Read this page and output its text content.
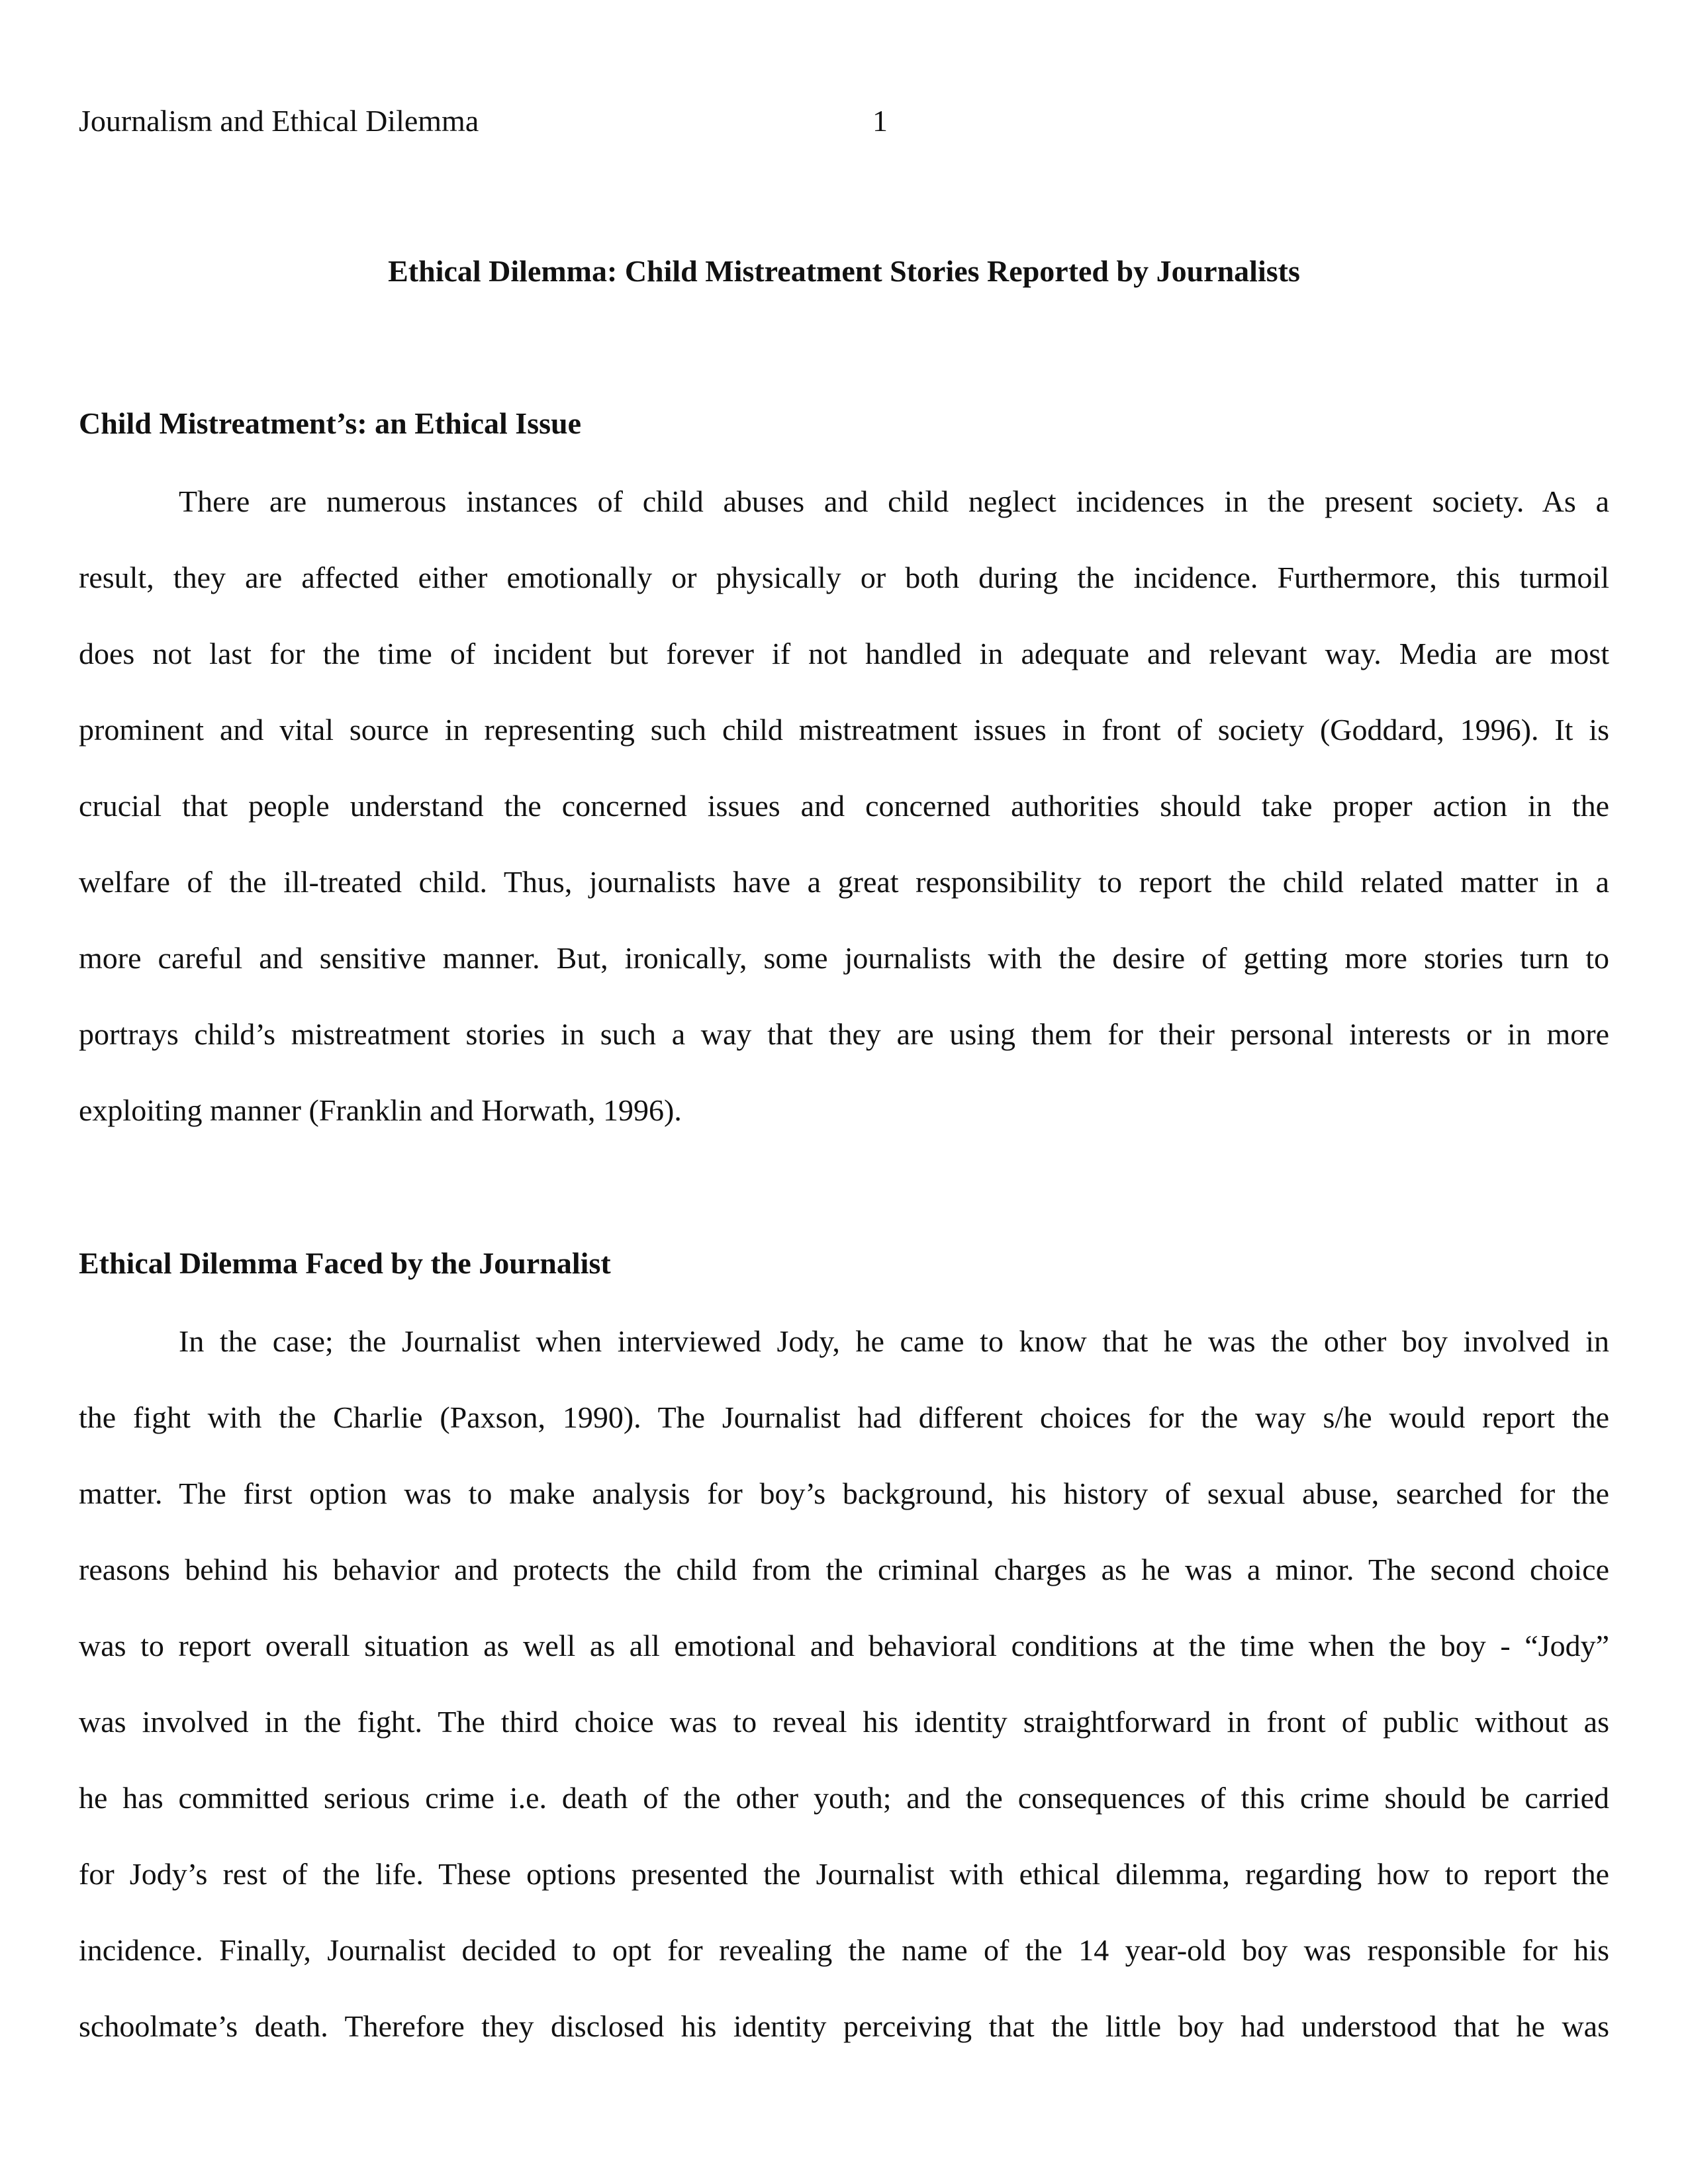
Journalism and Ethical Dilemma	1
Ethical Dilemma: Child Mistreatment Stories Reported by Journalists
Child Mistreatment’s: an Ethical Issue
There are numerous instances of child abuses and child neglect incidences in the present society. As a
result, they are affected either emotionally or physically or both during the incidence. Furthermore, this turmoil
does not last for the time of incident but forever if not handled in adequate and relevant way. Media are most
prominent and vital source in representing such child mistreatment issues in front of society (Goddard, 1996). It is
crucial that people understand the concerned issues and concerned authorities should take proper action in the
welfare of the ill-treated child. Thus, journalists have a great responsibility to report the child related matter in a
more careful and sensitive manner. But, ironically, some journalists with the desire of getting more stories turn to
portrays child’s mistreatment stories in such a way that they are using them for their personal interests or in more
exploiting manner (Franklin and Horwath, 1996).
Ethical Dilemma Faced by the Journalist
In the case; the Journalist when interviewed Jody, he came to know that he was the other boy involved in
the fight with the Charlie (Paxson, 1990). The Journalist had different choices for the way s/he would report the
matter. The first option was to make analysis for boy’s background, his history of sexual abuse, searched for the
reasons behind his behavior and protects the child from the criminal charges as he was a minor. The second choice
was to report overall situation as well as all emotional and behavioral conditions at the time when the boy - “Jody”
was involved in the fight. The third choice was to reveal his identity straightforward in front of public without as
he has committed serious crime i.e. death of the other youth; and the consequences of this crime should be carried
for Jody’s rest of the life. These options presented the Journalist with ethical dilemma, regarding how to report the
incidence. Finally, Journalist decided to opt for revealing the name of the 14 year-old boy was responsible for his
schoolmate’s death. Therefore they disclosed his identity perceiving that the little boy had understood that he was
